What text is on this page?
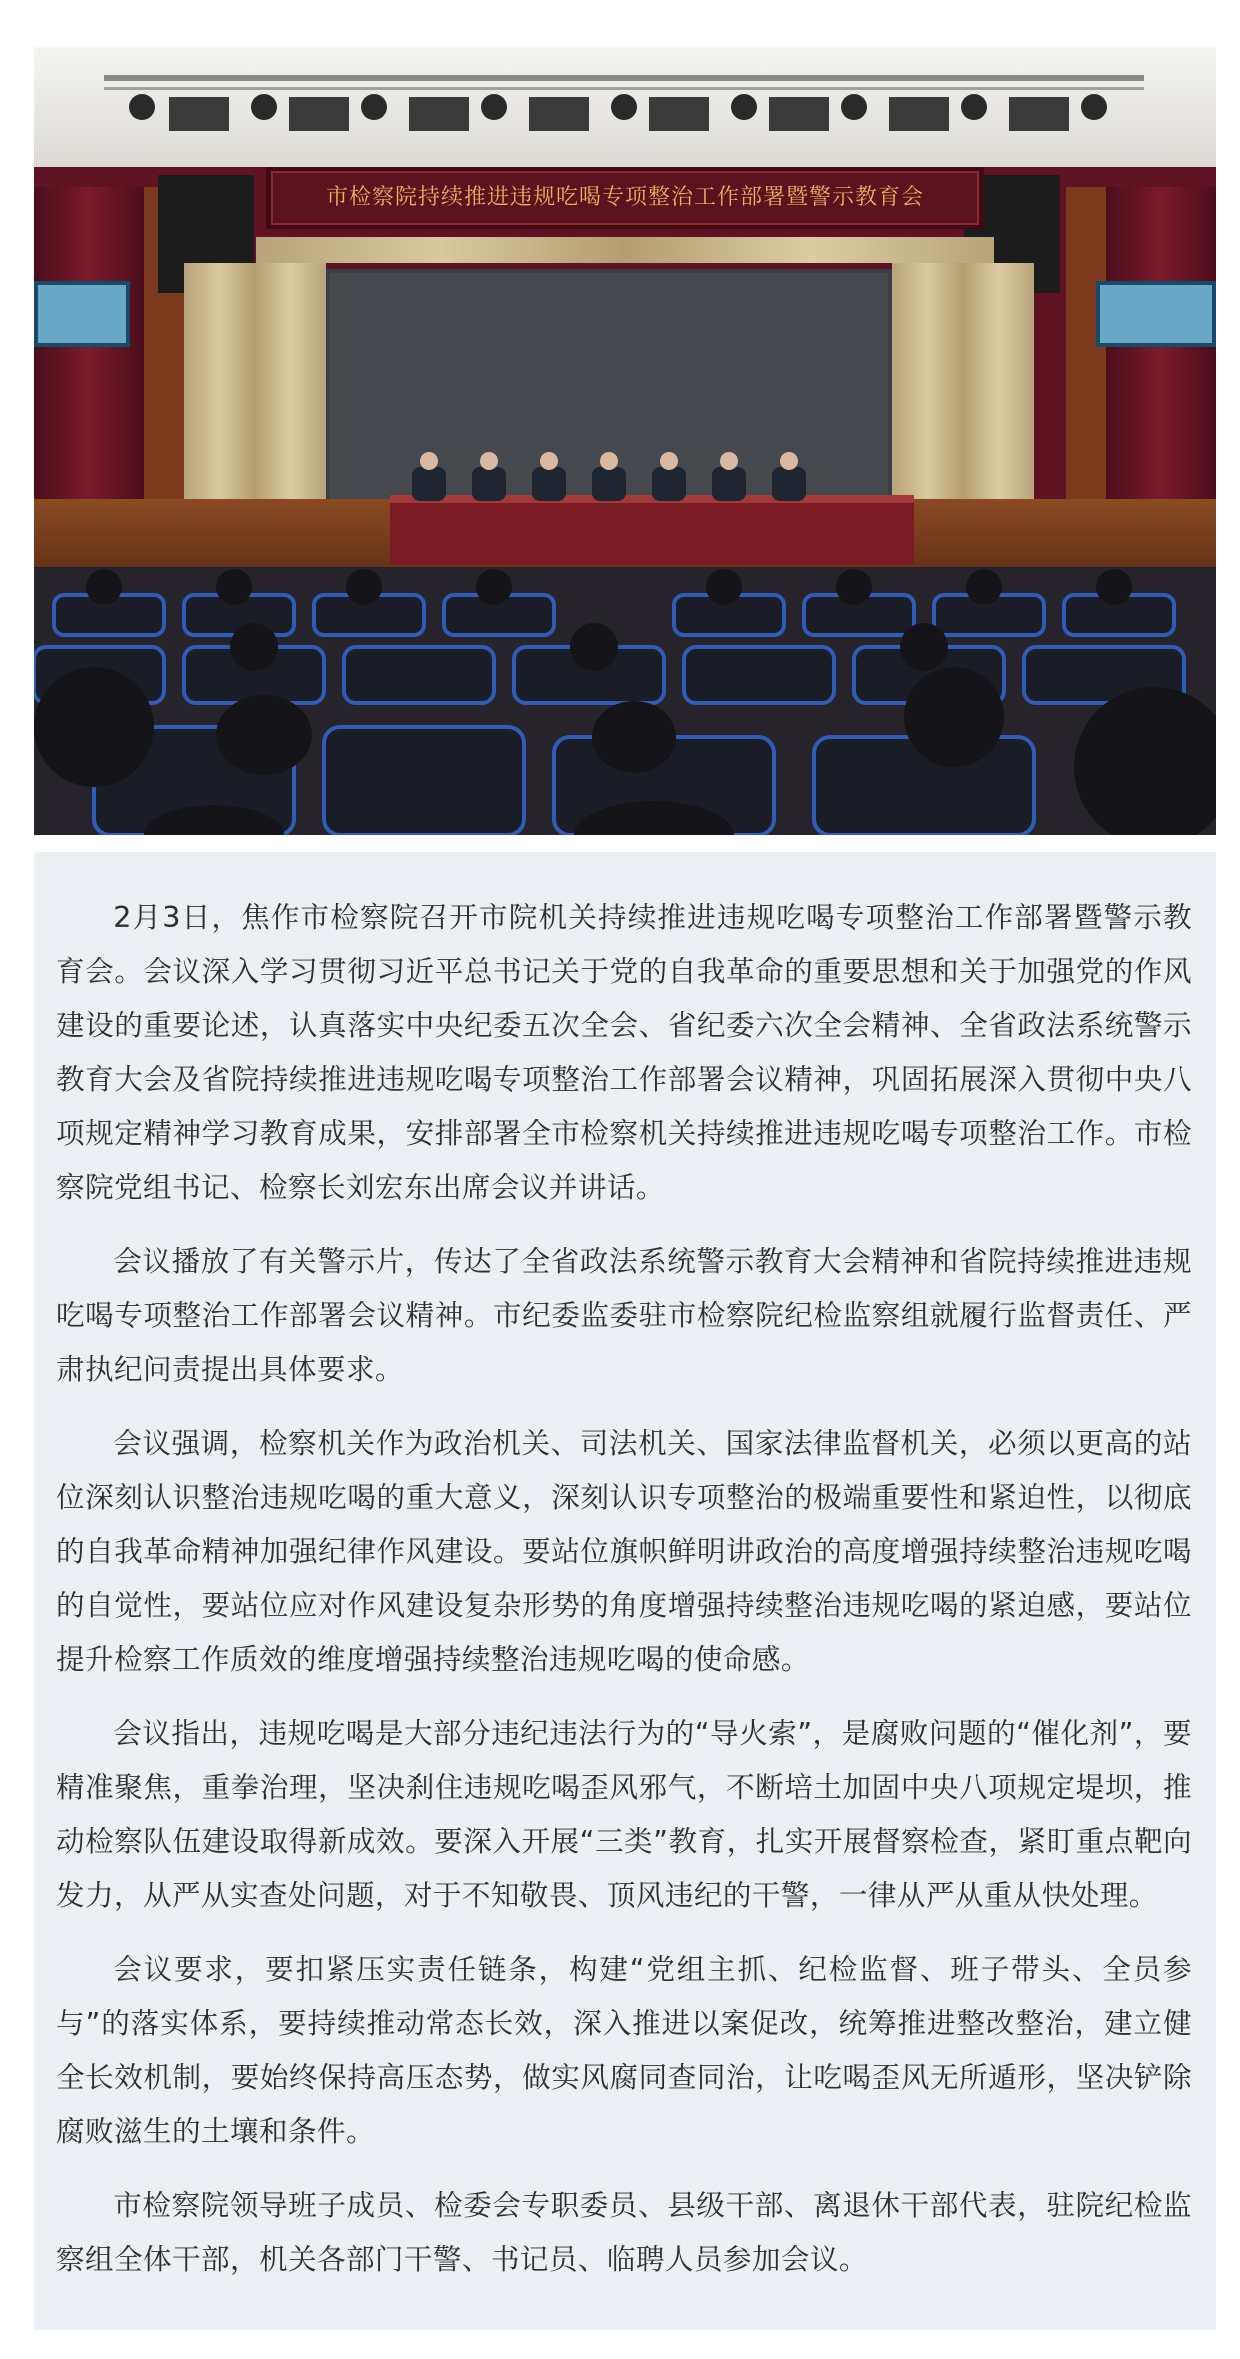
市检察院持续推进违规吃喝专项整治工作部署暨警示教育会

2月3日，焦作市检察院召开市院机关持续推进违规吃喝专项整治工作部署暨警示教育会。会议深入学习贯彻习近平总书记关于党的自我革命的重要思想和关于加强党的作风建设的重要论述，认真落实中央纪委五次全会、省纪委六次全会精神、全省政法系统警示教育大会及省院持续推进违规吃喝专项整治工作部署会议精神，巩固拓展深入贯彻中央八项规定精神学习教育成果，安排部署全市检察机关持续推进违规吃喝专项整治工作。市检察院党组书记、检察长刘宏东出席会议并讲话。

会议播放了有关警示片，传达了全省政法系统警示教育大会精神和省院持续推进违规吃喝专项整治工作部署会议精神。市纪委监委驻市检察院纪检监察组就履行监督责任、严肃执纪问责提出具体要求。

会议强调，检察机关作为政治机关、司法机关、国家法律监督机关，必须以更高的站位深刻认识整治违规吃喝的重大意义，深刻认识专项整治的极端重要性和紧迫性，以彻底的自我革命精神加强纪律作风建设。要站位旗帜鲜明讲政治的高度增强持续整治违规吃喝的自觉性，要站位应对作风建设复杂形势的角度增强持续整治违规吃喝的紧迫感，要站位提升检察工作质效的维度增强持续整治违规吃喝的使命感。

会议指出，违规吃喝是大部分违纪违法行为的“导火索”，是腐败问题的“催化剂”，要精准聚焦，重拳治理，坚决刹住违规吃喝歪风邪气，不断培土加固中央八项规定堤坝，推动检察队伍建设取得新成效。要深入开展“三类”教育，扎实开展督察检查，紧盯重点靶向发力，从严从实查处问题，对于不知敬畏、顶风违纪的干警，一律从严从重从快处理。

会议要求，要扣紧压实责任链条，构建“党组主抓、纪检监督、班子带头、全员参与”的落实体系，要持续推动常态长效，深入推进以案促改，统筹推进整改整治，建立健全长效机制，要始终保持高压态势，做实风腐同查同治，让吃喝歪风无所遁形，坚决铲除腐败滋生的土壤和条件。

市检察院领导班子成员、检委会专职委员、县级干部、离退休干部代表，驻院纪检监察组全体干部，机关各部门干警、书记员、临聘人员参加会议。
